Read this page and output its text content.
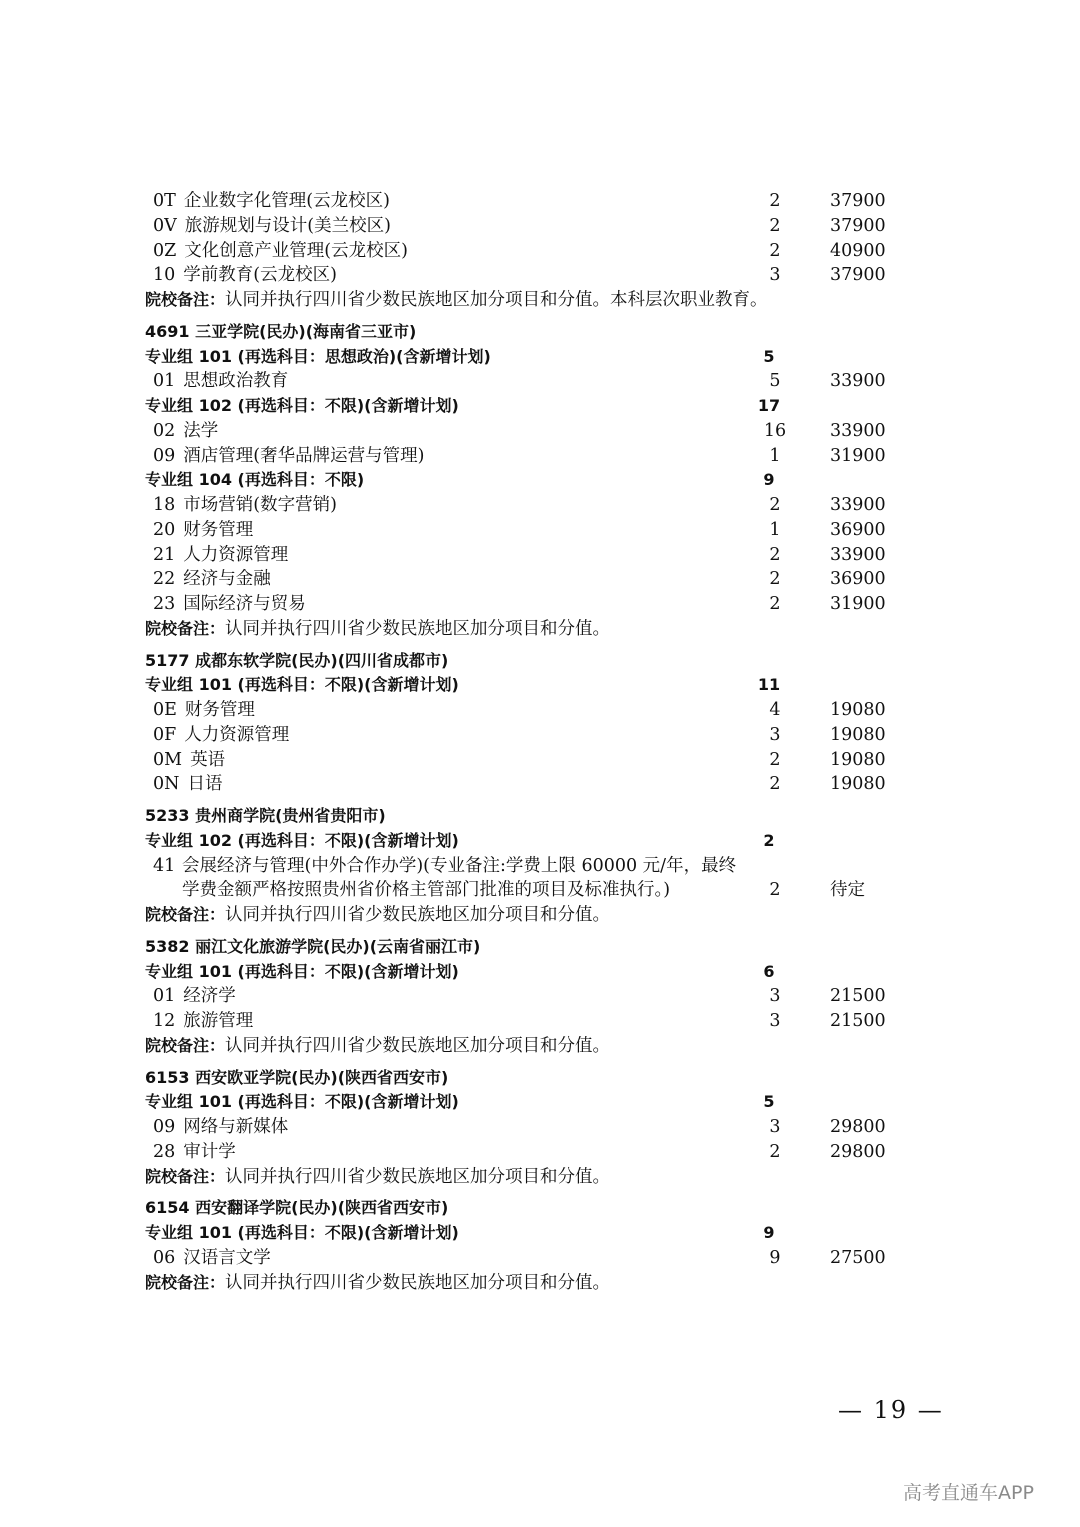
0T 企业数字化管理(云龙校区)	2	37900
0V 旅游规划与设计(美兰校区)	2	37900
0Z 文化创意产业管理(云龙校区)	2	40900
10 学前教育(云龙校区)	3	37900
院校备注：认同并执行四川省少数民族地区加分项目和分值。本科层次职业教育。
4691 三亚学院(民办)(海南省三亚市)
专业组 101 (再选科目：思想政治)(含新增计划)	5
01 思想政治教育	5	33900
专业组 102 (再选科目：不限)(含新增计划)	17
02 法学	16	33900
09 酒店管理(奢华品牌运营与管理)	1	31900
专业组 104 (再选科目：不限)	9
18 市场营销(数字营销)	2	33900
20 财务管理	1	36900
21 人力资源管理	2	33900
22 经济与金融	2	36900
23 国际经济与贸易	2	31900
院校备注：认同并执行四川省少数民族地区加分项目和分值。
5177 成都东软学院(民办)(四川省成都市)
专业组 101 (再选科目：不限)(含新增计划)	11
0E 财务管理	4	19080
0F 人力资源管理	3	19080
0M 英语	2	19080
0N 日语	2	19080
5233 贵州商学院(贵州省贵阳市)
专业组 102 (再选科目：不限)(含新增计划)	2
41 会展经济与管理(中外合作办学)(专业备注:学费上限 60000 元/年，最终学费金额严格按照贵州省价格主管部门批准的项目及标准执行。)	2	待定
院校备注：认同并执行四川省少数民族地区加分项目和分值。
5382 丽江文化旅游学院(民办)(云南省丽江市)
专业组 101 (再选科目：不限)(含新增计划)	6
01 经济学	3	21500
12 旅游管理	3	21500
院校备注：认同并执行四川省少数民族地区加分项目和分值。
6153 西安欧亚学院(民办)(陕西省西安市)
专业组 101 (再选科目：不限)(含新增计划)	5
09 网络与新媒体	3	29800
28 审计学	2	29800
院校备注：认同并执行四川省少数民族地区加分项目和分值。
6154 西安翻译学院(民办)(陕西省西安市)
专业组 101 (再选科目：不限)(含新增计划)	9
06 汉语言文学	9	27500
院校备注：认同并执行四川省少数民族地区加分项目和分值。
— 19 —
高考直通车APP
